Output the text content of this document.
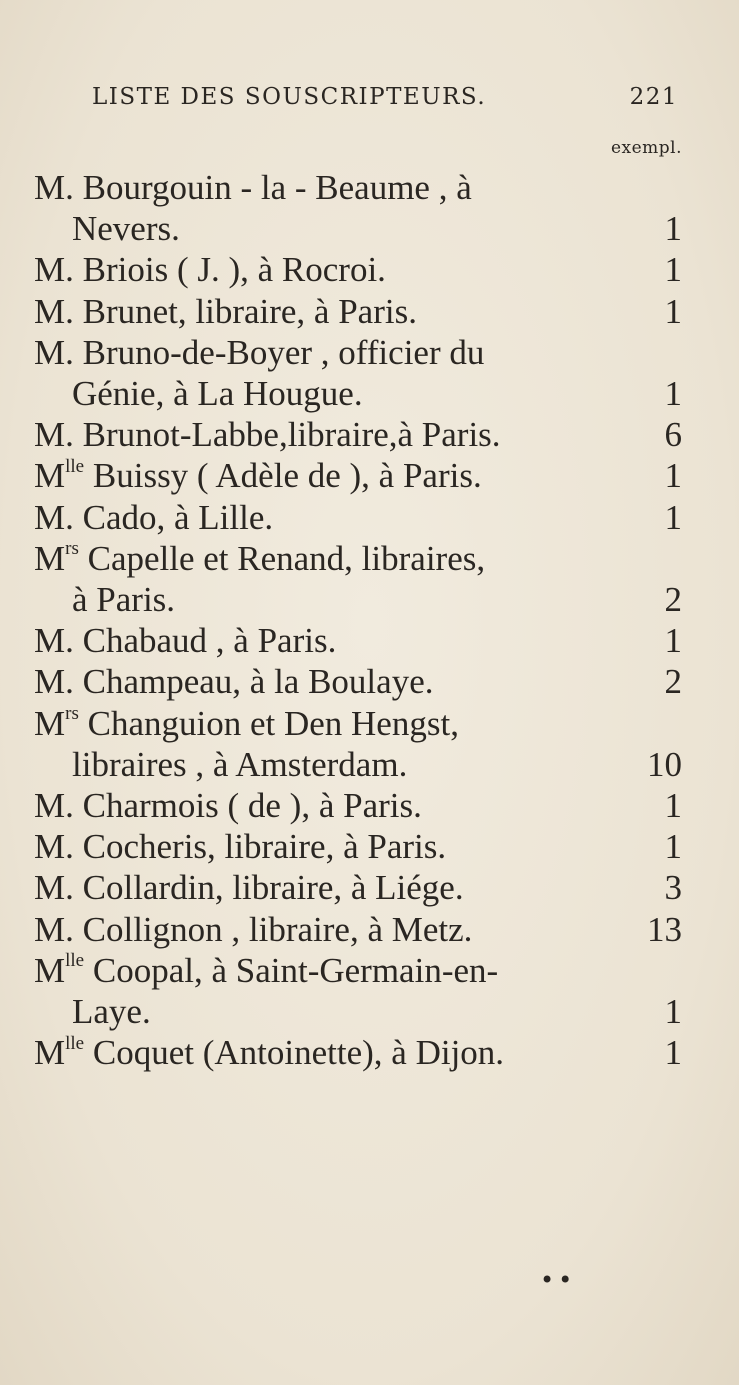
LISTE DES SOUSCRIPTEURS.	221
exempl.
M. Bourgouin - la - Beaume , à
Nevers.	1
M. Briois ( J. ), à Rocroi.	1
M. Brunet, libraire, à Paris.	1
M. Bruno-de-Boyer , officier du
Génie, à La Hougue.	1
M. Brunot-Labbe,libraire,à Paris.	6
$M^{lle}$ Buissy ( Adèle de ), à Paris.	1
M. Cado, à Lille.	1
$M^{rs}$ Capelle et Renand, libraires,
à Paris.	2
M. Chabaud , à Paris.	1
M. Champeau, à la Boulaye.	2
$M^{rs}$ Changuion et Den Hengst,
libraires , à Amsterdam.	10
M. Charmois ( de ), à Paris.	1
M. Cocheris, libraire, à Paris.	1
M. Collardin, libraire, à Liége.	3
M. Collignon , libraire, à Metz.	13
$M^{lle}$ Coopal, à Saint-Germain-en-
Laye.	1
$M^{lle}$ Coquet (Antoinette), à Dijon.	1
••
